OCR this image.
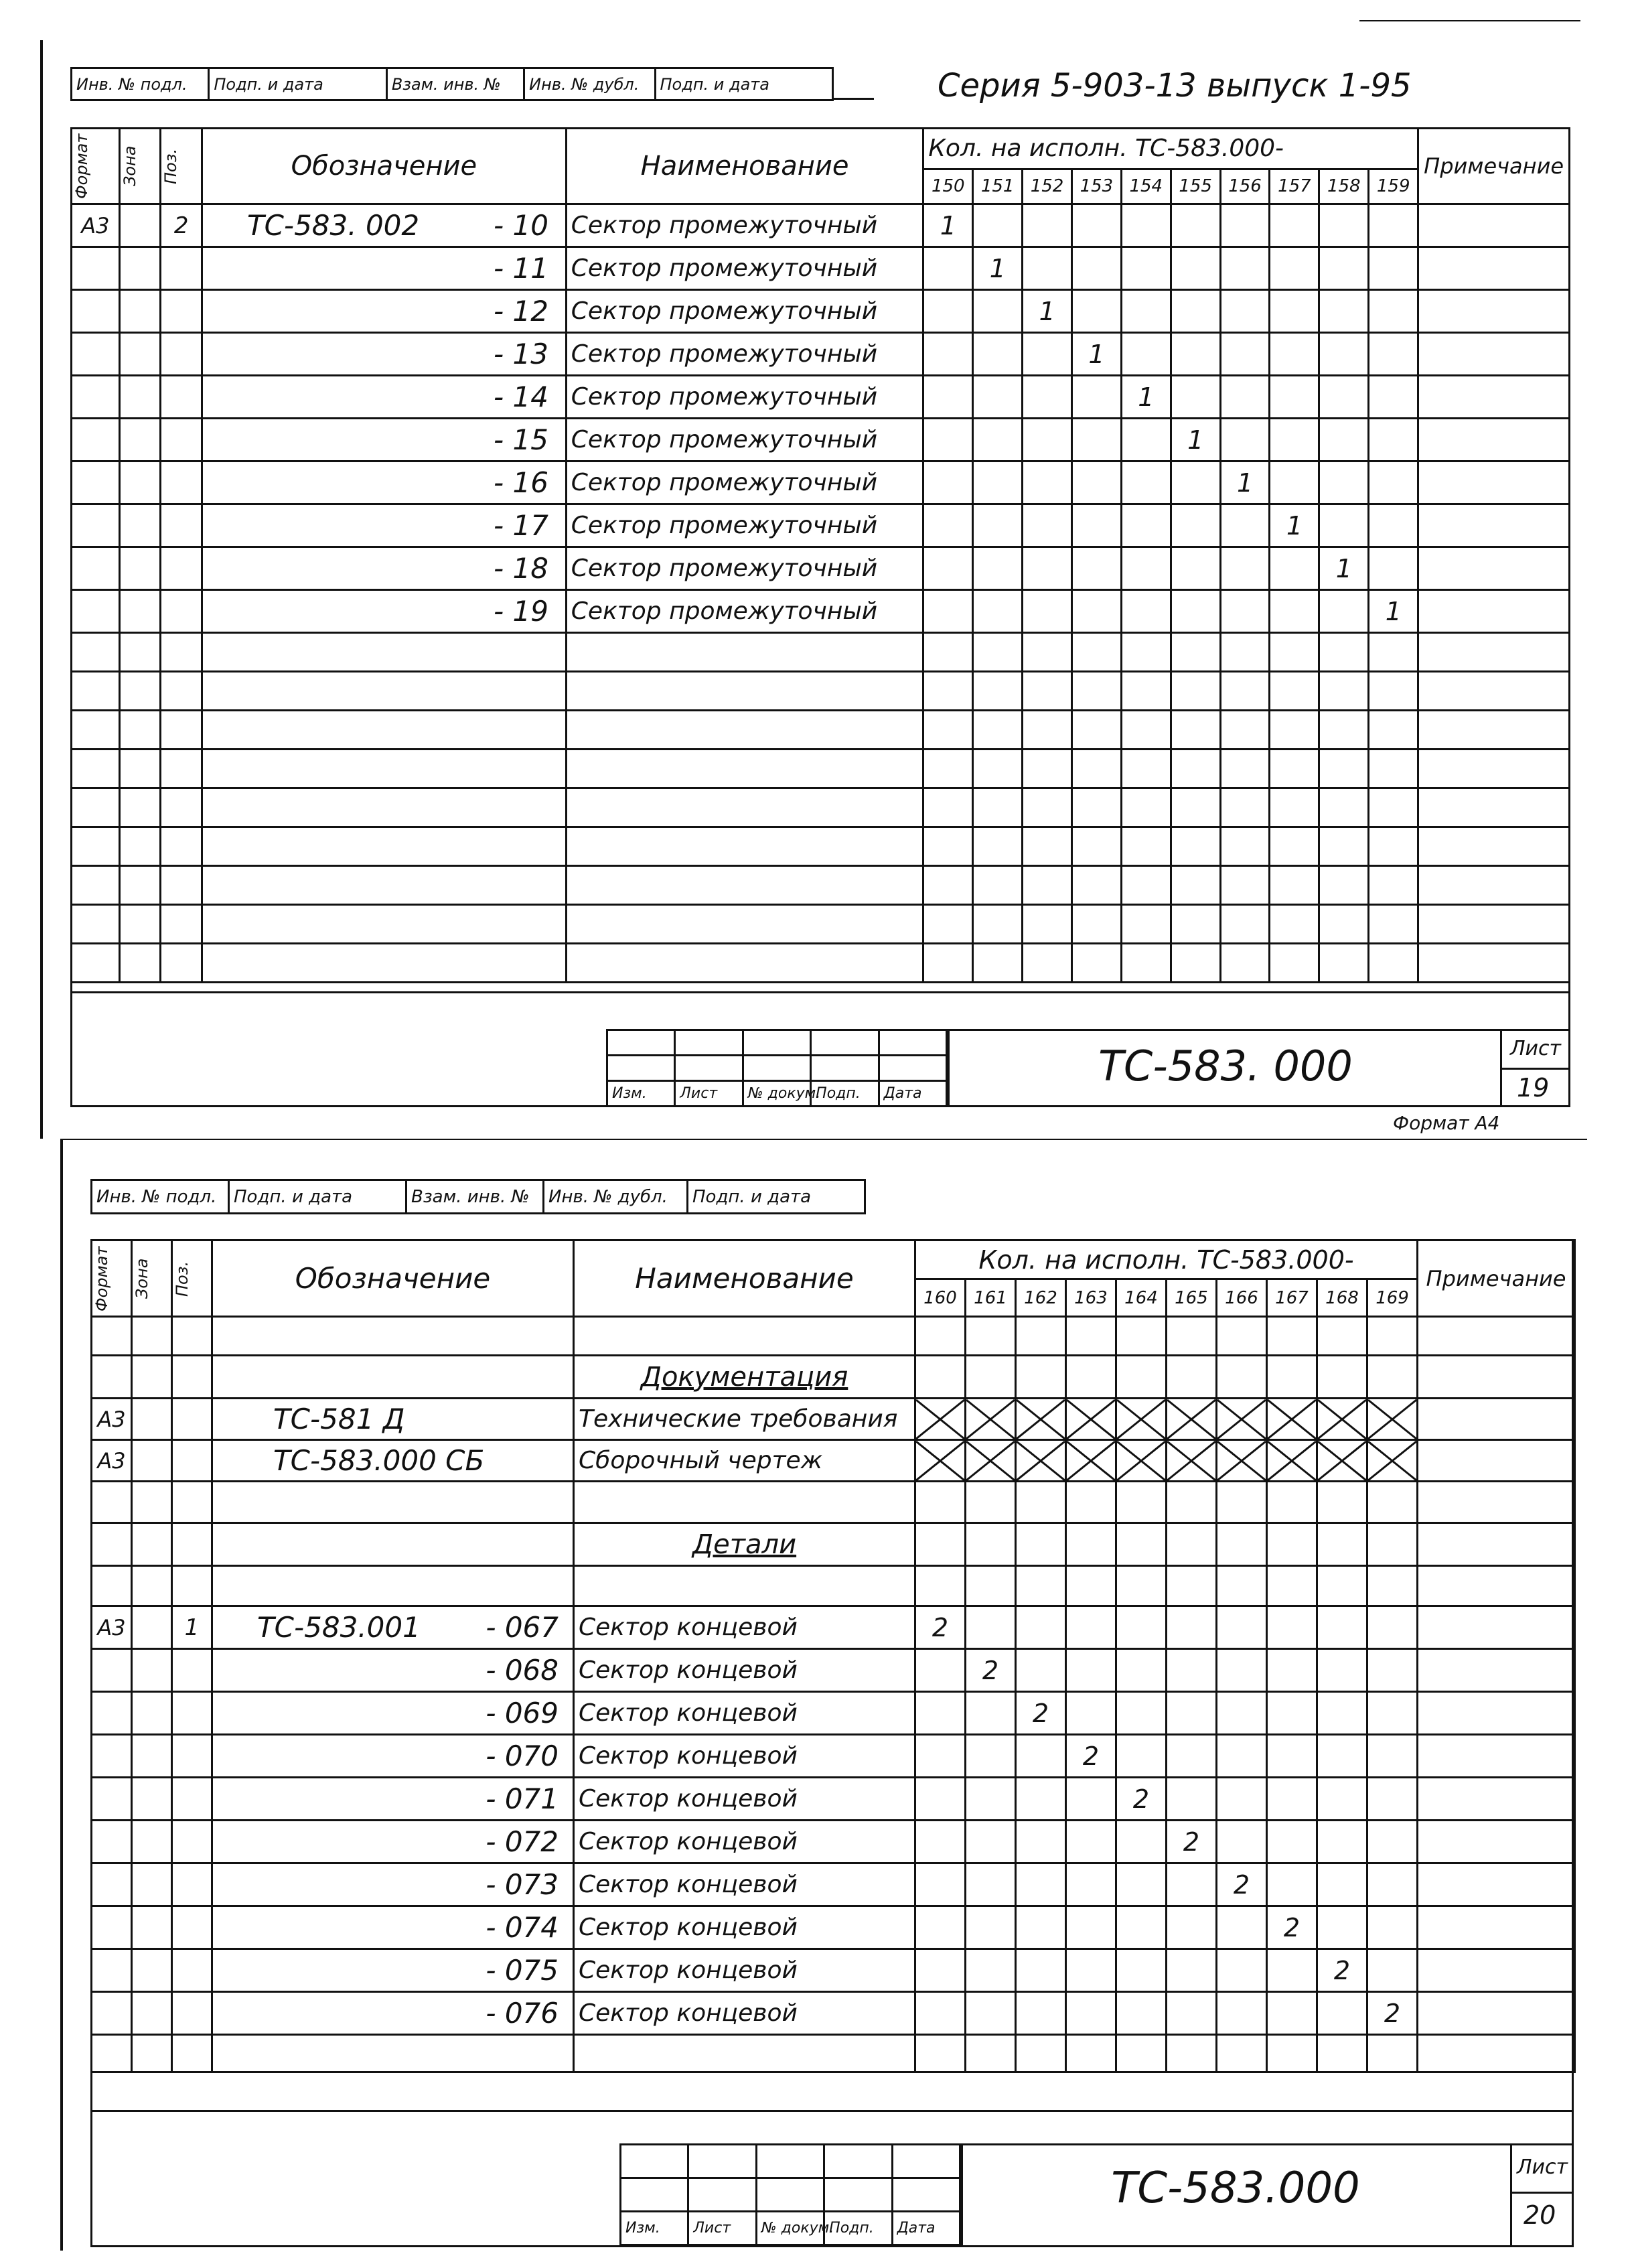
Серия 5-903-13 выпуск 1-95
Инв. № подл.	Подп. и дата	Взам. инв. №	Инв. № дубл.	Подп. и дата
Формат	Зона	Поз.	Обозначение	Наименование	Кол. на исполн. ТС-583.000-										Примечание
					150	151	152	153	154	155	156	157	158	159	
А3		2	ТС-583. 002 - 10	Сектор промежуточный	1										
			- 11	Сектор промежуточный		1									
			- 12	Сектор промежуточный			1								
			- 13	Сектор промежуточный				1							
			- 14	Сектор промежуточный					1						
			- 15	Сектор промежуточный						1					
			- 16	Сектор промежуточный							1				
			- 17	Сектор промежуточный								1			
			- 18	Сектор промежуточный									1		
			- 19	Сектор промежуточный										1	

Изм.	Лист	№ докум.	Подп.	Дата
ТС-583. 000	Лист
19
Формат А4
Инв. № подл.	Подп. и дата	Взам. инв. №	Инв. № дубл.	Подп. и дата
Формат	Зона	Поз.	Обозначение	Наименование	Кол. на исполн. ТС-583.000-										Примечание
					160	161	162	163	164	165	166	167	168	169	

				Документация											
А3			ТС-581 Д	Технические требования	

А3			ТС-583.000 СБ	Сборочный чертеж	

				Детали											

А3		1	ТС-583.001 - 067	Сектор концевой	2										
			- 068	Сектор концевой		2									
			- 069	Сектор концевой			2								
			- 070	Сектор концевой				2							
			- 071	Сектор концевой					2						
			- 072	Сектор концевой						2					
			- 073	Сектор концевой							2				
			- 074	Сектор концевой								2			
			- 075	Сектор концевой									2		
			- 076	Сектор концевой										2	

Изм.	Лист	№ докум.	Подп.	Дата
ТС-583.000	Лист
20
